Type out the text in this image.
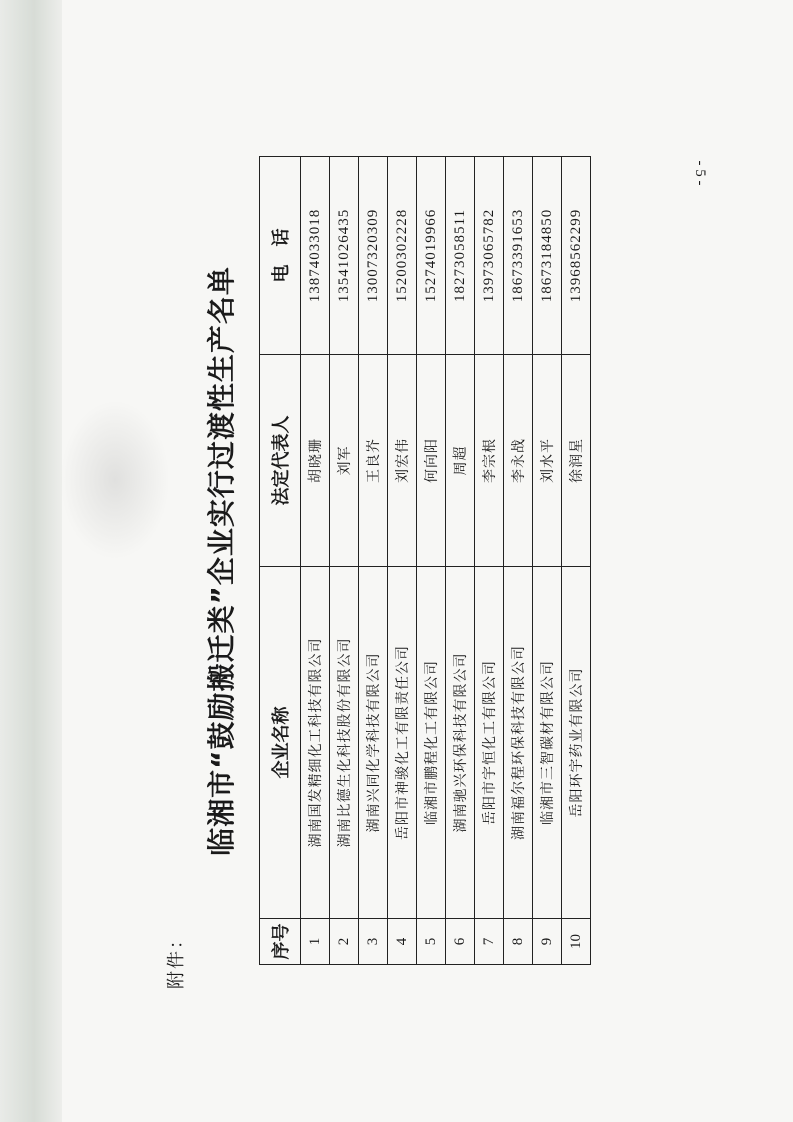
- 5 -
附件：
临湘市“鼓励搬迁类”企业实行过渡性生产名单
序号	企业名称	法定代表人	电　话
1	湖南国发精细化工科技有限公司	胡晓珊	13874033018
2	湖南比德生化科技股份有限公司	刘军	13541026435
3	湖南兴同化学科技有限公司	王良岕	13007320309
4	岳阳市神骏化工有限责任公司	刘宏伟	15200302228
5	临湘市鹏程化工有限公司	何向阳	15274019966
6	湖南驰兴环保科技有限公司	周超	18273058511
7	岳阳市宇恒化工有限公司	李宗根	13973065782
8	湖南福尔程环保科技有限公司	李永战	18673391653
9	临湘市三智碳材有限公司	刘水平	18673184850
10	岳阳环宇药业有限公司	徐润星	13968562299
